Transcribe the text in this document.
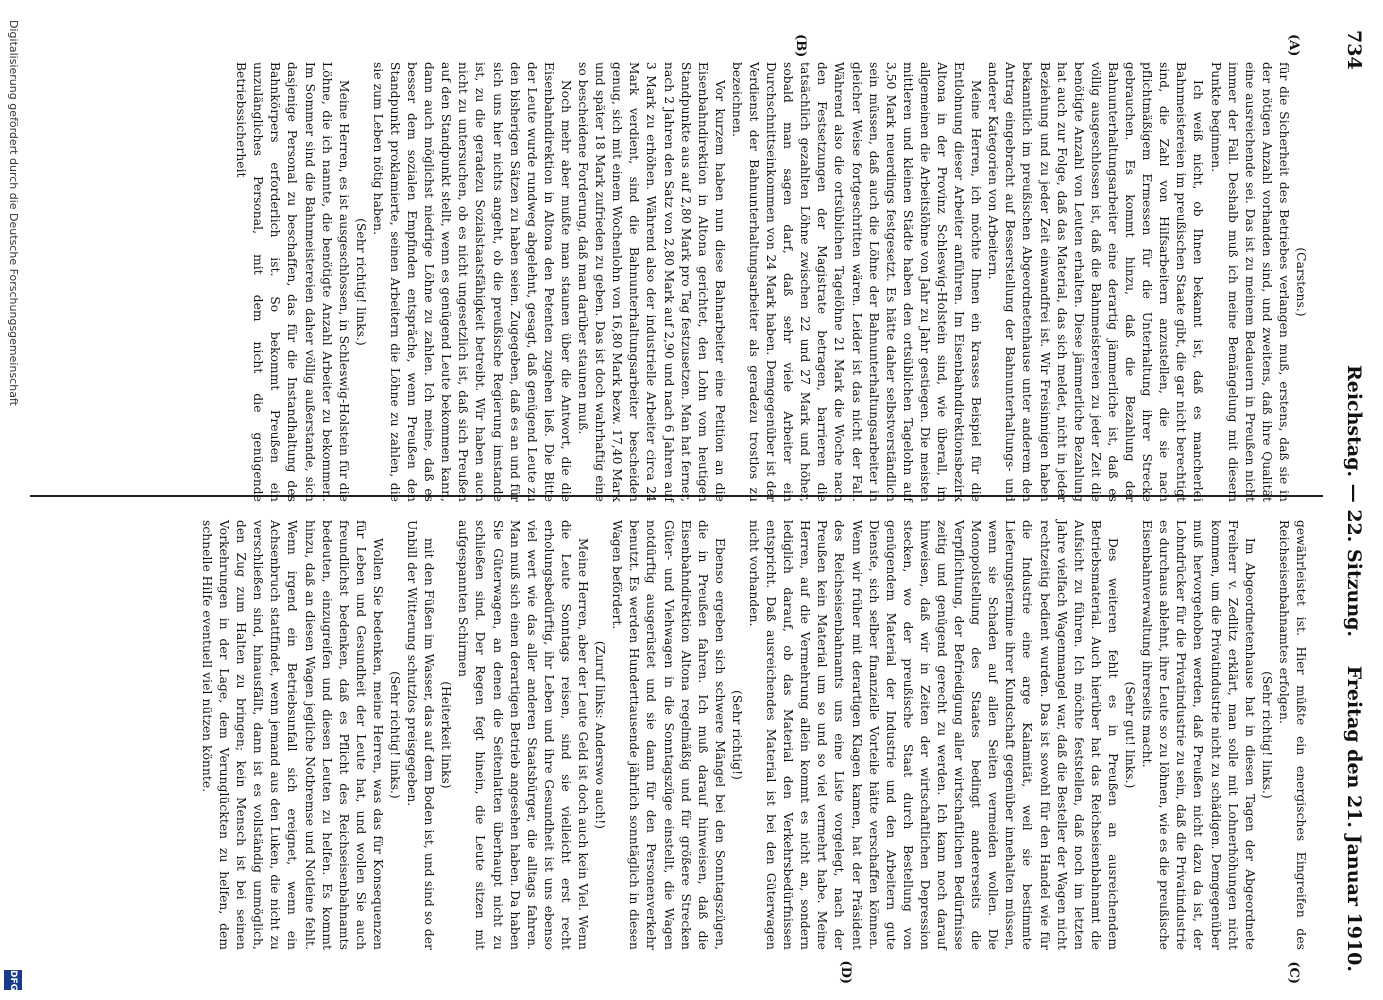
734
Reichstag. — 22. Sitzung.
Freitag den 21. Januar 1910.
(A)
(B)
(C)
(D)

(Carstens.)

für die Sicherheit des Betriebes verlangen muß, erstens, daß sie in der nötigen Anzahl vorhanden sind, und zweitens, daß ihre Qualität eine ausreichende sei. Das ist zu meinem Bedauern in Preußen nicht immer der Fall. Deshalb muß ich meine Bemängelung mit diesem Punkte beginnen.

Ich weiß nicht, ob Ihnen bekannt ist, daß es mancherlei Bahnmeistereien im preußischen Staate gibt, die gar nicht berechtigt sind, die Zahl von Hilfsarbeitern anzustellen, die sie nach pflichtmäßigem Ermessen für die Unterhaltung ihrer Strecke gebrauchen. Es kommt hinzu, daß die Bezahlung der Bahnunterhaltungsarbeiter eine derartig jämmerliche ist, daß es völlig ausgeschlossen ist, daß die Bahnmeistereien zu jeder Zeit die benötigte Anzahl von Leuten erhalten. Diese jämmerliche Bezahlung hat auch zur Folge, daß das Material, das sich meldet, nicht in jeder Beziehung und zu jeder Zeit einwandfrei ist. Wir Freisinnigen haben bekanntlich im preußischen Abgeordnetenhause unter anderem den Antrag eingebracht auf Besserstellung der Bahnunterhaltungs- und anderer Kategorien von Arbeitern.

Meine Herren, ich möchte Ihnen ein krasses Beispiel für die Entlohnung dieser Arbeiter anführen. Im Eisenbahndirektionsbezirk Altona in der Provinz Schleswig-Holstein sind, wie überall, im allgemeinen die Arbeitslöhne von Jahr zu Jahr gestiegen. Die meisten mittleren und kleinen Städte haben den ortsüblichen Tagelohn auf 3,50 Mark neuerdings festgesetzt. Es hätte daher selbstverständlich sein müssen, daß auch die Löhne der Bahnunterhaltungsarbeiter in gleicher Weise fortgeschritten wären. Leider ist das nicht der Fall. Während also die ortsüblichen Tagelöhne 21 Mark die Woche nach den Festsetzungen der Magistrate betragen, barrieren die tatsächlich gezahlten Löhne zwischen 22 und 27 Mark und höher, sobald man sagen darf, daß sehr viele Arbeiter ein Durchschnittseinkommen von 24 Mark haben. Demgegenüber ist der Verdienst der Bahnunterhaltungsarbeiter als geradezu trostlos zu bezeichnen.

Vor kurzem haben nun diese Bahnarbeiter eine Petition an die Eisenbahndirektion in Altona gerichtet, den Lohn vom heutigen Standpunkte aus auf 2,80 Mark pro Tag festzusetzen. Man hat ferner, nach 2 Jahren den Satz von 2,80 Mark auf 2,90 und nach 6 Jahren auf 3 Mark zu erhöhen. Während also der industrielle Arbeiter circa 24 Mark verdient, sind die Bahnunterhaltungsarbeiter bescheiden genug, sich mit einem Wochenlohn von 16,80 Mark bezw. 17,40 Mark und später 18 Mark zufrieden zu geben. Das ist doch wahrhaftig eine so bescheidene Forderung, daß man darüber staunen muß.

Noch mehr aber mußte man staunen über die Antwort, die die Eisenbahndirektion in Altona den Petenten zugehen ließ. Die Bitte der Leute wurde rundweg abgelehnt, gesagt, daß genügend Leute zu den bisherigen Sätzen zu haben seien. Zugegeben, daß es an und für sich uns hier nichts angeht, ob die preußische Regierung imstande ist, zu die geradezu Sozialstaatsfähigkeit betreibt. Wir haben auch nicht zu untersuchen, ob es nicht ungesetzlich ist, daß sich Preußen auf den Standpunkt stellt, wenn es genügend Leute bekommen kann, dann auch möglichst niedrige Löhne zu zahlen. Ich meine, daß es besser dem sozialen Empfinden entspräche, wenn Preußen den Standpunkt proklamierte, seinen Arbeitern die Löhne zu zahlen, die sie zum Leben nötig haben.

(Sehr richtig! links.)

Meine Herren, es ist ausgeschlossen, in Schleswig-Holstein für die Löhne, die ich nannte, die benötigte Anzahl Arbeiter zu bekommen. Im Sommer sind die Bahnmeistereien daher völlig außerstande, sich dasjenige Personal zu beschaffen, das für die Instandhaltung des Bahnkörpers erforderlich ist. So bekommt Preußen ein unzulängliches Personal, mit dem nicht die genügende Betriebssicherheit

gewährleistet ist. Hier müßte ein energisches Eingreifen des Reichseisenbahnamtes erfolgen.

(Sehr richtig! links.)

Im Abgeordnetenhause hat in diesen Tagen der Abgeordnete Freiherr v. Zedlitz erklärt, man solle mit Lohnerhöhungen nicht kommen, um die Privatindustrie nicht zu schädigen. Demgegenüber muß hervorgehoben werden, daß Preußen nicht dazu da ist, der Lohndrücker für die Privatindustrie zu sein, daß die Privatindustrie es durchaus ablehnt, ihre Leute so zu löhnen, wie es die preußische Eisenbahnverwaltung ihrerseits macht.

(Sehr gut! links.)

Des weiteren fehlt es in Preußen an ausreichendem Betriebsmaterial. Auch hierüber hat das Reichseisenbahnamt die Aufsicht zu führen. Ich möchte feststellen, daß noch im letzten Jahre vielfach Wagenmangel war, daß die Besteller der Wagen nicht rechtzeitig bedient wurden. Das ist sowohl für den Handel wie für die Industrie eine arge Kalamität, weil sie bestimmte Lieferungstermine ihrer Kundschaft gegenüber innehalten müssen, wenn sie Schaden auf allen Seiten vermeiden wollen. Die Monopolstellung des Staates bedingt andererseits die Verpflichtung, der Befriedigung aller wirtschaftlichen Bedürfnisse zeitig und genügend gerecht zu werden. Ich kann noch darauf hinweisen, daß wir in Zeiten der wirtschaftlichen Depression stecken, wo der preußische Staat durch Bestellung von genügendem Material der Industrie und den Arbeitern gute Dienste, sich selber finanzielle Vorteile hätte verschaffen können. Wenn wir früher mit derartigen Klagen kamen, hat der Präsident des Reichseisenbahnamts uns eine Liste vorgelegt, nach der Preußen kein Material um so und so viel vermehrt habe. Meine Herren, auf die Vermehrung allein kommt es nicht an, sondern lediglich darauf, ob das Material den Verkehrsbedürfnissen entspricht. Daß ausreichendes Material ist bei den Güterwagen nicht vorhanden.

(Sehr richtig!)

Ebenso ergeben sich schwere Mängel bei den Sonntagszügen, die in Preußen fahren. Ich muß darauf hinweisen, daß die Eisenbahndirektion Altona regelmäßig und für größere Strecken Güter- und Viehwagen in die Sonntagszüge einstellt, die Wagen notdürftig ausgerüstet und sie dann für den Personenverkehr benutzt. Es werden Hunderttausende jährlich sonntäglich in diesen Wagen befördert.

(Zuruf links: Anderswo auch!)

Meine Herren, aber der Leute Geld ist doch auch kein Viel. Wenn die Leute Sonntags reisen, sind sie vielleicht erst recht erholungsbedürftig, ihr Leben und ihre Gesundheit ist uns ebenso viel wert wie das aller anderen Staatsbürger, die alltags fahren. Man muß sich einen derartigen Betrieb angesehen haben. Da haben Sie Güterwagen, an denen die Seitenlatten überhaupt nicht zu schließen sind. Der Regen fegt hinein, die Leute sitzen mit aufgespannten Schirmen

(Heiterkeit links)

mit den Füßen im Wasser, das auf dem Boden ist, und sind so der Unbill der Witterung schutzlos preisgegeben.

(Sehr richtig! links.)

Wollen Sie bedenken, meine Herren, was das für Konsequenzen für Leben und Gesundheit der Leute hat, und wollen Sie auch freundlichst bedenken, daß es Pflicht des Reichseisenbahnamts bedeuten, einzugreifen und diesen Leuten zu helfen. Es kommt hinzu, daß an diesen Wagen jegliche Notbremse und Notleine fehlt. Wenn irgend ein Betriebsunfall sich ereignet, wenn ein Achsenbruch stattfindet, wenn jemand aus den Luken, die nicht zu verschließen sind, hinausfällt, dann ist es vollständig unmöglich, den Zug zum Halten zu bringen; kein Mensch ist bei seinen Vorkehrungen in der Lage, dem Verunglückten zu helfen, dem schnelle Hilfe eventuell viel nützen könnte.

Digitalisierung gefördert durch die Deutsche Forschungsgemeinschaft
DFG
